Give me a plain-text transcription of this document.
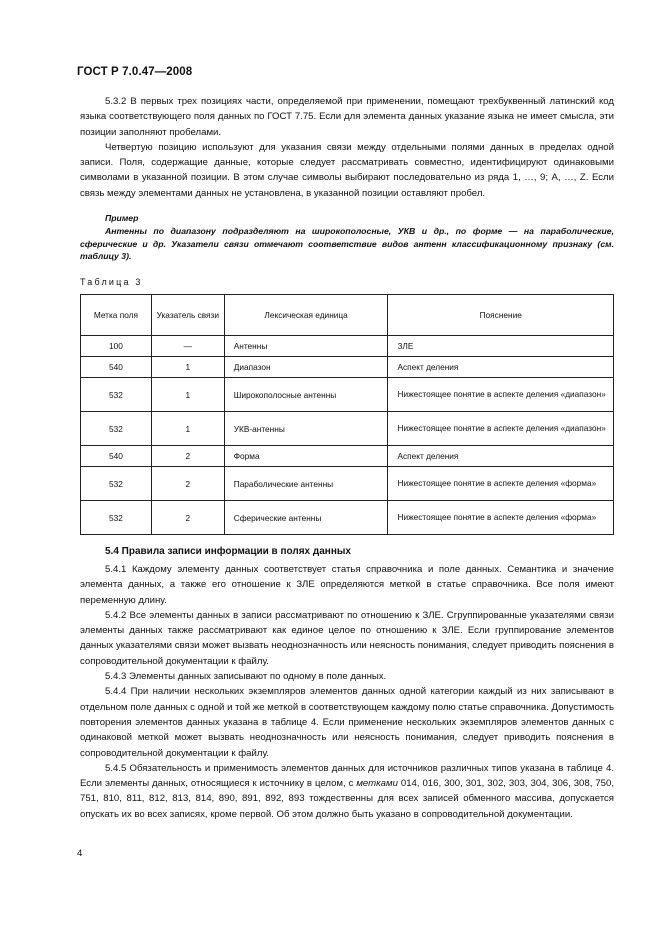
ГОСТ Р 7.0.47—2008

5.3.2 В первых трех позициях части, определяемой при применении, помещают трехбуквенный латинский код языка соответствующего поля данных по ГОСТ 7.75. Если для элемента данных указание языка не имеет смысла, эти позиции заполняют пробелами.

Четвертую позицию используют для указания связи между отдельными полями данных в пределах одной записи. Поля, содержащие данные, которые следует рассматривать совместно, идентифицируют одинаковыми символами в указанной позиции. В этом случае символы выбирают последовательно из ряда 1, …, 9; A, …, Z. Если связь между элементами данных не установлена, в указанной позиции оставляют пробел.

Пример

Антенны по диапазону подразделяют на широкополосные, УКВ и др., по форме — на параболические, сферические и др. Указатели связи отмечают соответствие видов антенн классификационному признаку (см. таблицу 3).

Таблица 3
Метка поля	Указатель связи	Лексическая единица	Пояснение
100	—	Антенны	ЗЛЕ
540	1	Диапазон	Аспект деления
532	1	Широкополосные антенны	Нижестоящее понятие в аспекте деления «диапазон»
532	1	УКВ-антенны	Нижестоящее понятие в аспекте деления «диапазон»
540	2	Форма	Аспект деления
532	2	Параболические антенны	Нижестоящее понятие в аспекте деления «форма»
532	2	Сферические антенны	Нижестоящее понятие в аспекте деления «форма»
5.4 Правила записи информации в полях данных

5.4.1 Каждому элементу данных соответствует статья справочника и поле данных. Семантика и значение элемента данных, а также его отношение к ЗЛЕ определяются меткой в статье справочника. Все поля имеют переменную длину.

5.4.2 Все элементы данных в записи рассматривают по отношению к ЗЛЕ. Сгруппированные указателями связи элементы данных также рассматривают как единое целое по отношению к ЗЛЕ. Если группирование элементов данных указателями связи может вызвать неоднозначность или неясность понимания, следует приводить пояснения в сопроводительной документации к файлу.

5.4.3 Элементы данных записывают по одному в поле данных.

5.4.4 При наличии нескольких экземпляров элементов данных одной категории каждый из них записывают в отдельном поле данных с одной и той же меткой в соответствующем каждому полю статье справочника. Допустимость повторения элементов данных указана в таблице 4. Если применение нескольких экземпляров элементов данных с одинаковой меткой может вызвать неоднозначность или неясность понимания, следует приводить пояснения в сопроводительной документации к файлу.

5.4.5 Обязательность и применимость элементов данных для источников различных типов указана в таблице 4. Если элементы данных, относящиеся к источнику в целом, с метками 014, 016, 300, 301, 302, 303, 304, 306, 308, 750, 751, 810, 811, 812, 813, 814, 890, 891, 892, 893 тождественны для всех записей обменного массива, допускается опускать их во всех записях, кроме первой. Об этом должно быть указано в сопроводительной документации.

4
